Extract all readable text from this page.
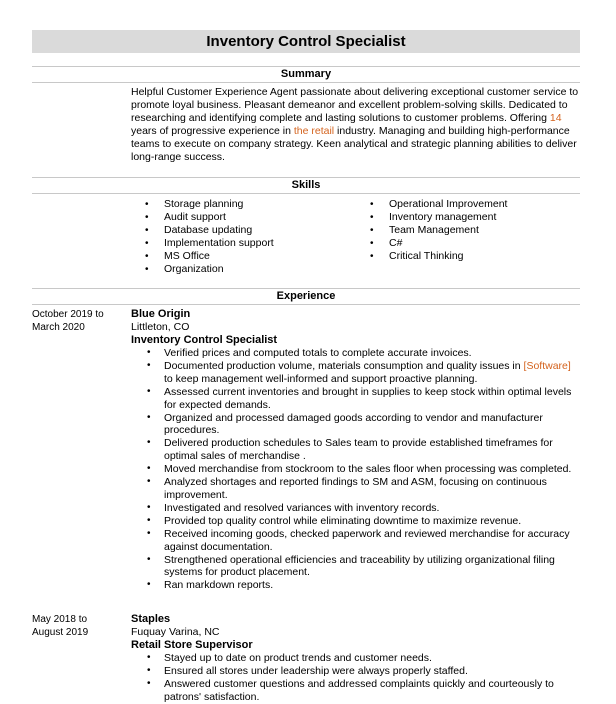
Inventory Control Specialist
Summary
Helpful Customer Experience Agent passionate about delivering exceptional customer service to promote loyal business. Pleasant demeanor and excellent problem-solving skills. Dedicated to researching and identifying complete and lasting solutions to customer problems. Offering 14 years of progressive experience in the retail industry. Managing and building high-performance teams to execute on company strategy. Keen analytical and strategic planning abilities to deliver long-range success.
Skills
• Storage planning
• Audit support
• Database updating
• Implementation support
• MS Office
• Organization
• Operational Improvement
• Inventory management
• Team Management
• C#
• Critical Thinking
Experience
October 2019 to
March 2020
Blue Origin
Littleton, CO
Inventory Control Specialist
• Verified prices and computed totals to complete accurate invoices.
• Documented production volume, materials consumption and quality issues in [Software] to keep management well-informed and support proactive planning.
• Assessed current inventories and brought in supplies to keep stock within optimal levels for expected demands.
• Organized and processed damaged goods according to vendor and manufacturer procedures.
• Delivered production schedules to Sales team to provide established timeframes for optimal sales of merchandise .
• Moved merchandise from stockroom to the sales floor when processing was completed.
• Analyzed shortages and reported findings to SM and ASM, focusing on continuous improvement.
• Investigated and resolved variances with inventory records.
• Provided top quality control while eliminating downtime to maximize revenue.
• Received incoming goods, checked paperwork and reviewed merchandise for accuracy against documentation.
• Strengthened operational efficiencies and traceability by utilizing organizational filing systems for product placement.
• Ran markdown reports.
May 2018 to
August 2019
Staples
Fuquay Varina, NC
Retail Store Supervisor
• Stayed up to date on product trends and customer needs.
• Ensured all stores under leadership were always properly staffed.
• Answered customer questions and addressed complaints quickly and courteously to patrons' satisfaction.
